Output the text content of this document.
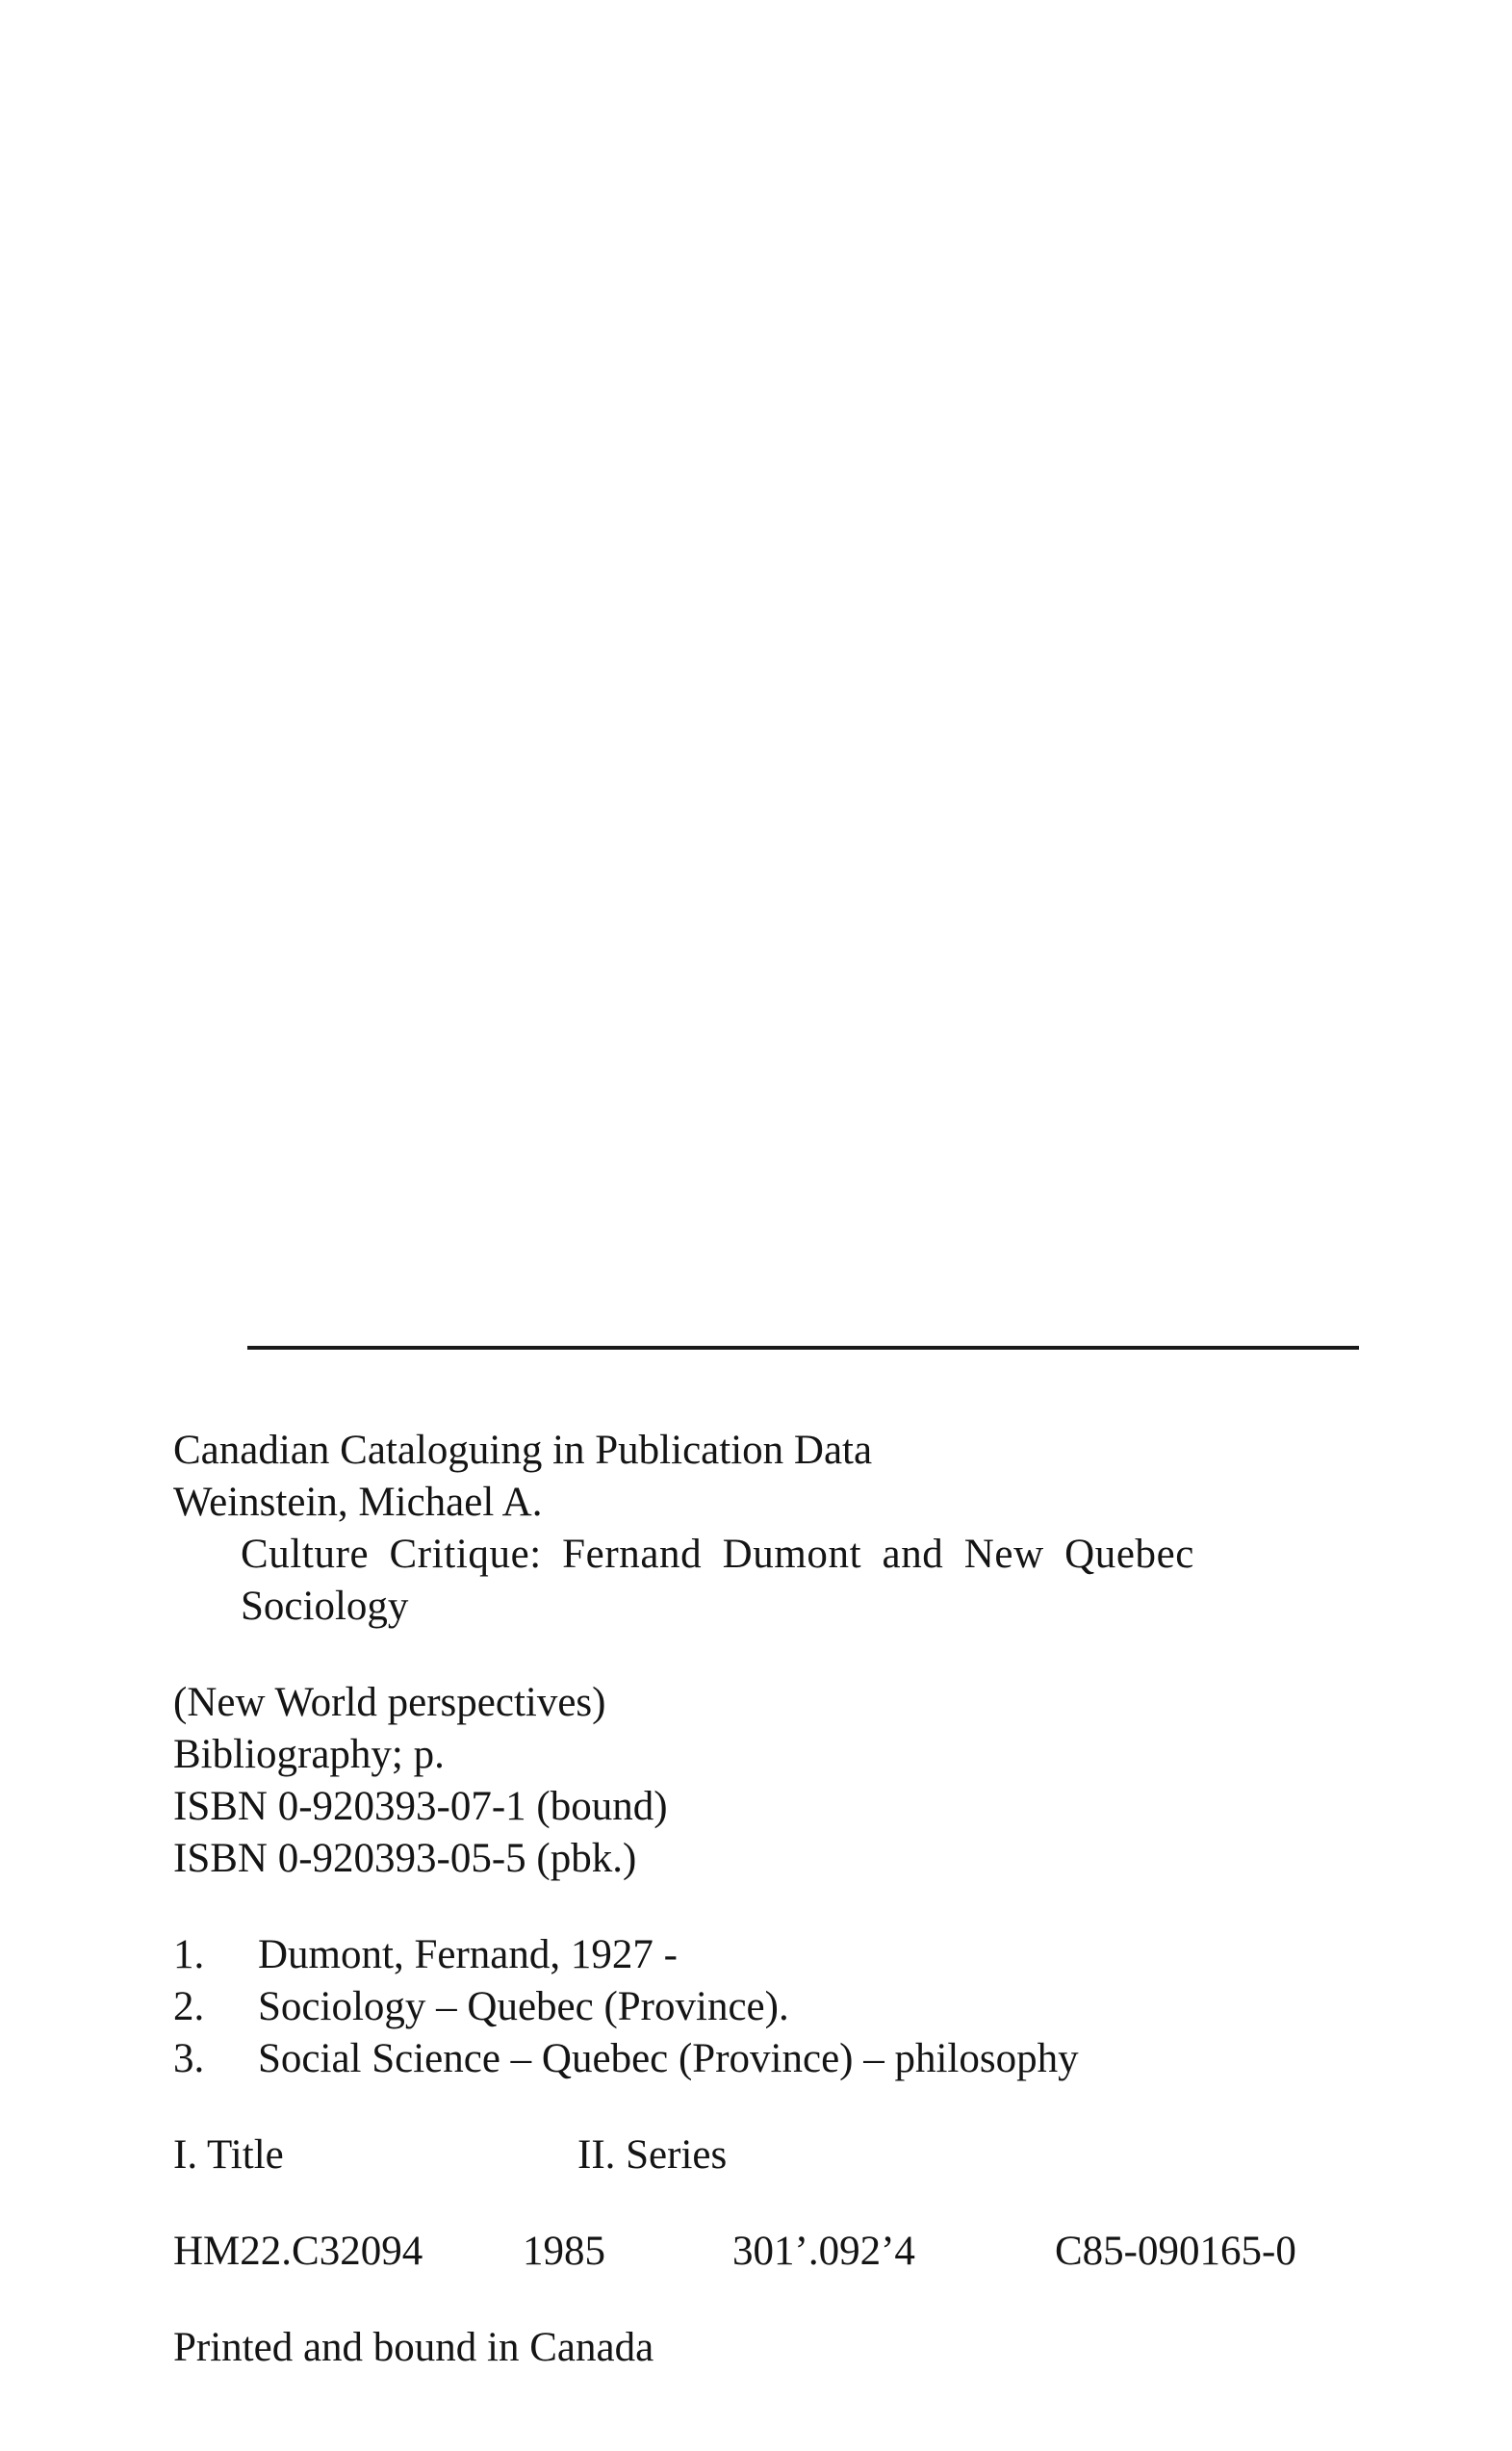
Canadian Cataloguing in Publication Data
Weinstein, Michael A.
Culture Critique: Fernand Dumont and New Quebec
Sociology
(New World perspectives)
Bibliography; p.
ISBN 0-920393-07-1 (bound)
ISBN 0-920393-05-5 (pbk.)
1.	Dumont, Fernand, 1927 -
2.	Sociology – Quebec (Province).
3.	Social Science – Quebec (Province) – philosophy
I. Title	II. Series
HM22.C32094	1985	301’.092’4	C85-090165-0
Printed and bound in Canada
